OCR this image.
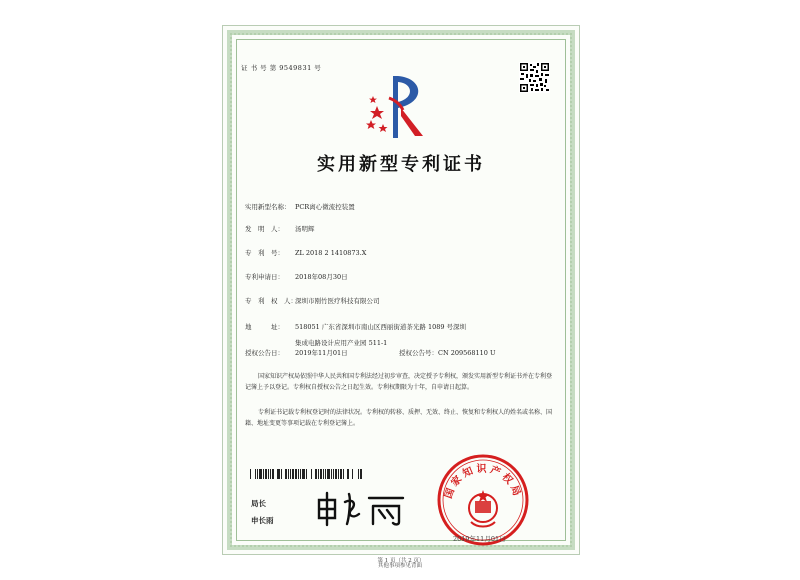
证 书 号 第 9549831 号
实用新型专利证书
实用新型名称： PCR离心微流控装置
发　明　人： 汤明辉
专　利　号： ZL 2018 2 1410873.X
专利申请日： 2018年08月30日
专　利　权　人：深圳市刚竹医疗科技有限公司
地　　　址： 518051 广东省深圳市南山区西丽街道茶光路 1089 号深圳
集成电路设计应用产业园 511-1
授权公告日： 2019年11月01日	授权公告号：CN 209568110 U
国家知识产权局依照中华人民共和国专利法经过初步审查，决定授予专利权，颁发实用新型专利证书并在专利登记簿上予以登记。专利权自授权公告之日起生效。专利权期限为十年，自申请日起算。
专利证书记载专利权登记时的法律状况。专利权的转移、质押、无效、终止、恢复和专利权人的姓名或名称、国籍、地址变更等事项记载在专利登记簿上。
局长
申长雨
国家知识产权局
2019年11月01日
第 1 页（共 2 页）
其他事项参见背面
